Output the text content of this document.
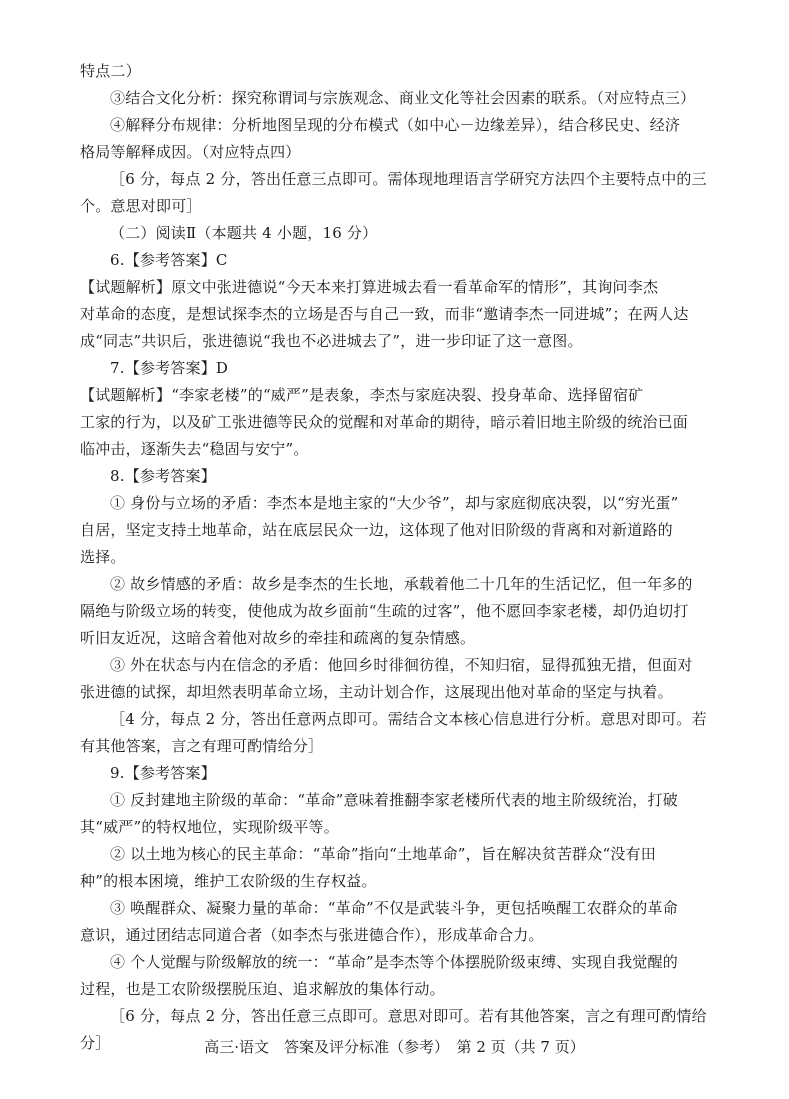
特点二）
③结合文化分析：探究称谓词与宗族观念、商业文化等社会因素的联系。（对应特点三）
④解释分布规律：分析地图呈现的分布模式（如中心－边缘差异），结合移民史、经济
格局等解释成因。（对应特点四）
［6 分，每点 2 分，答出任意三点即可。需体现地理语言学研究方法四个主要特点中的三
个。意思对即可］
（二）阅读Ⅱ（本题共 4 小题，16 分）
6.【参考答案】C
【试题解析】原文中张进德说“今天本来打算进城去看一看革命军的情形”，其询问李杰
对革命的态度，是想试探李杰的立场是否与自己一致，而非“邀请李杰一同进城”；在两人达
成“同志”共识后，张进德说“我也不必进城去了”，进一步印证了这一意图。
7.【参考答案】D
【试题解析】“李家老楼”的“威严”是表象，李杰与家庭决裂、投身革命、选择留宿矿
工家的行为，以及矿工张进德等民众的觉醒和对革命的期待，暗示着旧地主阶级的统治已面
临冲击，逐渐失去“稳固与安宁”。
8.【参考答案】
① 身份与立场的矛盾：李杰本是地主家的“大少爷”，却与家庭彻底决裂，以“穷光蛋”
自居，坚定支持土地革命，站在底层民众一边，这体现了他对旧阶级的背离和对新道路的
选择。
② 故乡情感的矛盾：故乡是李杰的生长地，承载着他二十几年的生活记忆，但一年多的
隔绝与阶级立场的转变，使他成为故乡面前“生疏的过客”，他不愿回李家老楼，却仍迫切打
听旧友近况，这暗含着他对故乡的牵挂和疏离的复杂情感。
③ 外在状态与内在信念的矛盾：他回乡时徘徊彷徨，不知归宿，显得孤独无措，但面对
张进德的试探，却坦然表明革命立场，主动计划合作，这展现出他对革命的坚定与执着。
［4 分，每点 2 分，答出任意两点即可。需结合文本核心信息进行分析。意思对即可。若
有其他答案，言之有理可酌情给分］
9.【参考答案】
① 反封建地主阶级的革命：“革命”意味着推翻李家老楼所代表的地主阶级统治，打破
其“威严”的特权地位，实现阶级平等。
② 以土地为核心的民主革命：“革命”指向“土地革命”，旨在解决贫苦群众“没有田
种”的根本困境，维护工农阶级的生存权益。
③ 唤醒群众、凝聚力量的革命：“革命”不仅是武装斗争，更包括唤醒工农群众的革命
意识，通过团结志同道合者（如李杰与张进德合作），形成革命合力。
④ 个人觉醒与阶级解放的统一：“革命”是李杰等个体摆脱阶级束缚、实现自我觉醒的
过程，也是工农阶级摆脱压迫、追求解放的集体行动。
［6 分，每点 2 分，答出任意三点即可。意思对即可。若有其他答案，言之有理可酌情给
分］	高三·语文　答案及评分标准（参考）　第 2 页（共 7 页）
